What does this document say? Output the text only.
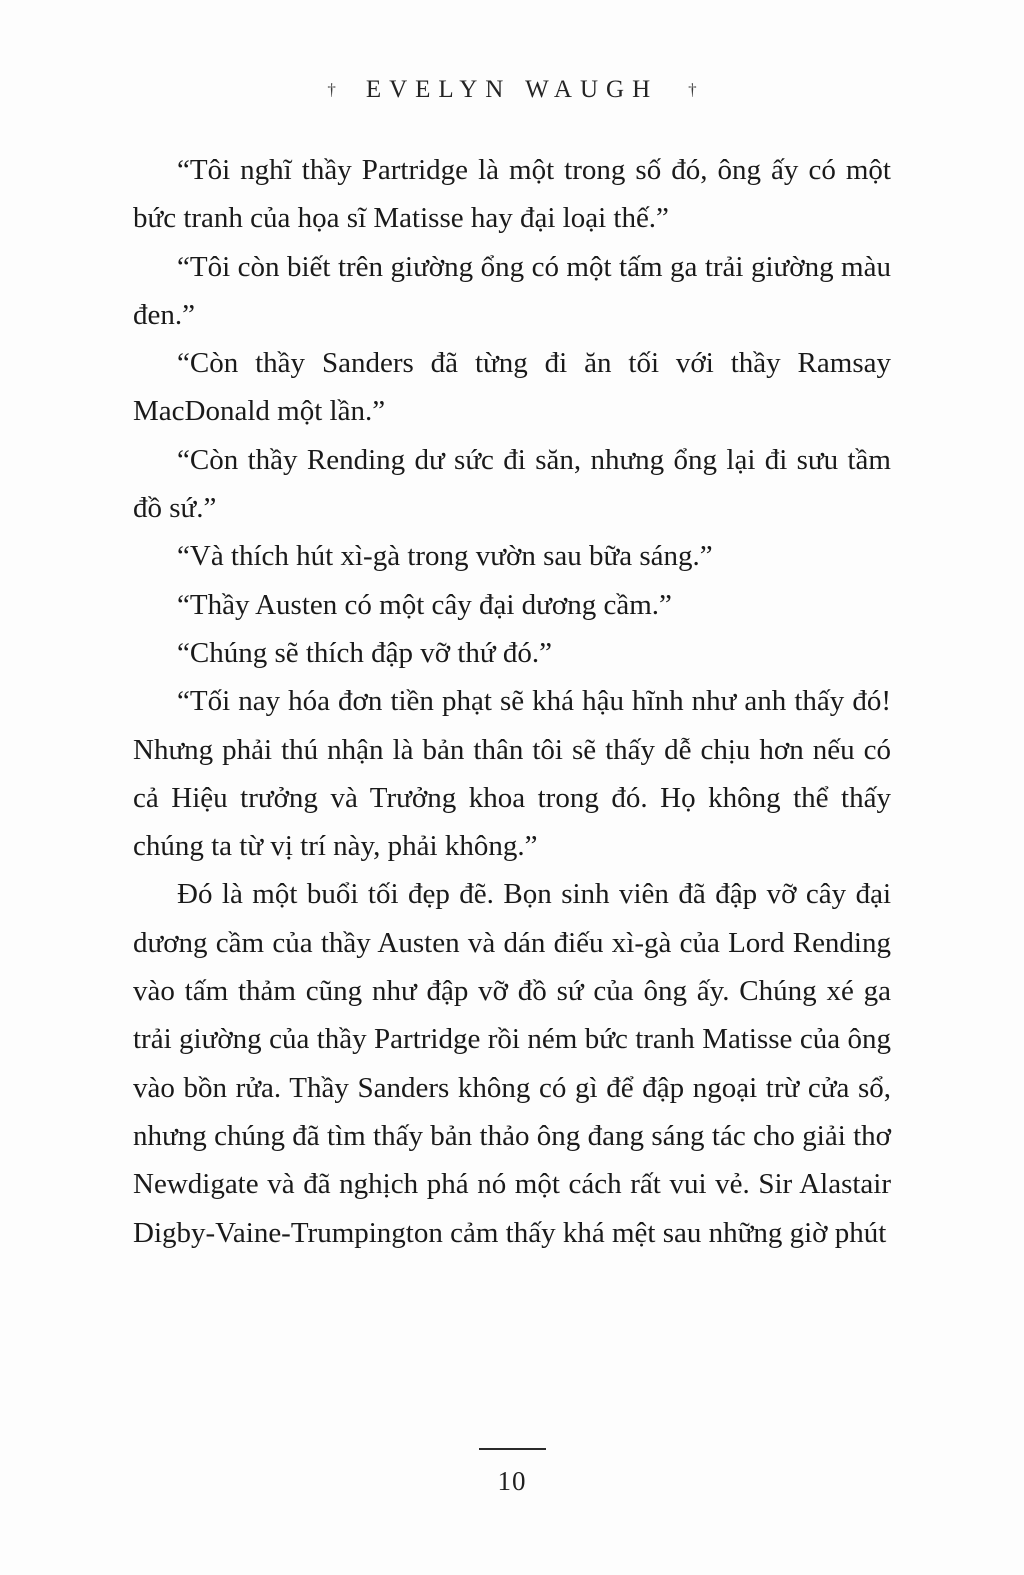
† EVELYN WAUGH †

“Tôi nghĩ thầy Partridge là một trong số đó, ông ấy có một bức tranh của họa sĩ Matisse hay đại loại thế.”

“Tôi còn biết trên giường ổng có một tấm ga trải giường màu đen.”

“Còn thầy Sanders đã từng đi ăn tối với thầy Ramsay MacDonald một lần.”

“Còn thầy Rending dư sức đi săn, nhưng ổng lại đi sưu tầm đồ sứ.”

“Và thích hút xì-gà trong vườn sau bữa sáng.”

“Thầy Austen có một cây đại dương cầm.”

“Chúng sẽ thích đập vỡ thứ đó.”

“Tối nay hóa đơn tiền phạt sẽ khá hậu hĩnh như anh thấy đó! Nhưng phải thú nhận là bản thân tôi sẽ thấy dễ chịu hơn nếu có cả Hiệu trưởng và Trưởng khoa trong đó. Họ không thể thấy chúng ta từ vị trí này, phải không.”

Đó là một buổi tối đẹp đẽ. Bọn sinh viên đã đập vỡ cây đại dương cầm của thầy Austen và dán điếu xì-gà của Lord Rending vào tấm thảm cũng như đập vỡ đồ sứ của ông ấy. Chúng xé ga trải giường của thầy Partridge rồi ném bức tranh Matisse của ông vào bồn rửa. Thầy Sanders không có gì để đập ngoại trừ cửa sổ, nhưng chúng đã tìm thấy bản thảo ông đang sáng tác cho giải thơ Newdigate và đã nghịch phá nó một cách rất vui vẻ. Sir Alastair Digby-Vaine-Trumpington cảm thấy khá mệt sau những giờ phút

10
